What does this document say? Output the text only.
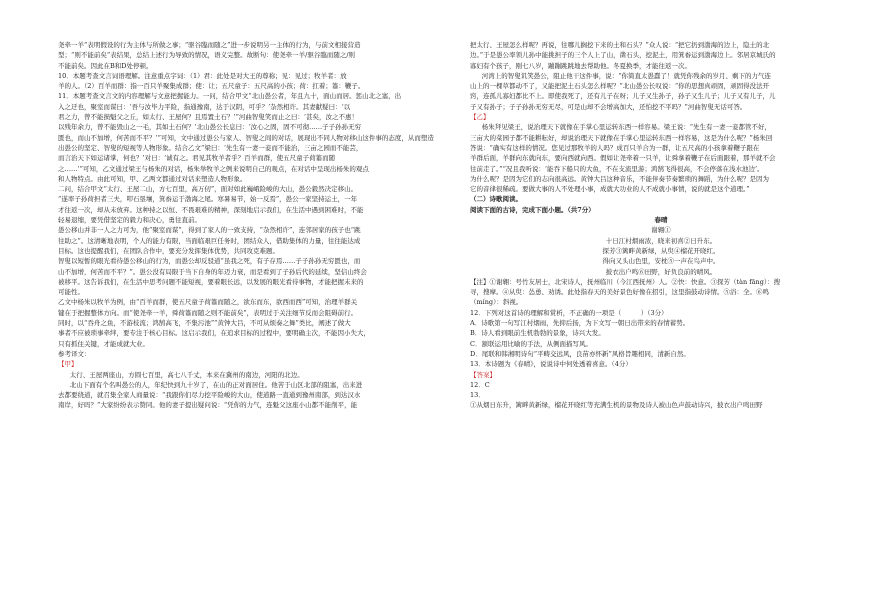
尧牵一羊”表明假设的行为主体与所做之事；“驱谷臨而随之”进一步说明另一主体的行为，与前文相接营造
型；“则不能前矣”表结果，总结上述行为导致的情况，语义完整。故断句：使尧牵一羊/驱谷臨而随之/则
不能前矣。因此在B和D处停顿。
10．本题考查文言词语理解。注意重点字词：（1）君：此处是对大王的尊称；见：见过；牧羊者：放
羊的人。（2）百羊而群：指一百只羊聚集成群；使：让；五尺童子：五尺高的小孩；荷：扛着；箠：鞭子。
11．本题考查文言文的内容理解与文意把握能力。一问，结合甲文“北山愚公者，年且九十，面山而居。惩山北之塞，出
入之迂也，聚室而谋曰：‘吾与汝毕力平险，指通豫南，达于汉阴，可乎？’杂然相许。其妻献疑曰：‘以
君之力，曾不能损魁父之丘，如太行、王屋何？且焉置土石？’”河曲智叟笑而止之曰：‘甚矣，汝之不惠！
以残年余力，曾不能毁山之一毛，其如土石何？’北山愚公长息曰：‘汝心之固，固不可彻……子子孙孙无穷
匮也，而山不加增，何苦而不平？’”可知，文中通过愚公与家人、智叟之间的对话，展现出不同人物对移山这件事的态度，从而塑造
出愚公的坚定、智叟的短视等人物形象。结合乙文“梁曰：‘先生有一妻一妾而不能治，三亩之园而不能芸，
而言治天下如运诸掌，何也？’对曰：‘诚有之。君见其牧羊者乎？百羊而群，使五尺童子荷箠而随
之……’”可知，乙文通过梁王与杨朱的对话，杨朱举牧羊之例来说明自己的观点，在对话中呈现出杨朱的观点
和人物特点。由此可知，甲、乙两文都通过对话来塑造人物形象。
二问，结合甲文“太行、王屋二山，方七百里，高万仞”，面对如此巍峨险峻的大山，愚公毅然决定移山。
“遂率子孙荷担者三夫，叩石垦壤，箕畚运于渤海之尾。寒暑易节，始一反焉”，愚公一家坚持运土，一年
才往返一次，却从未放弃。这种持之以恒、不畏艰难的精神，深刻地启示我们，在生活中遇到困难时，不能
轻易退缩，要凭借坚定的毅力和决心，勇往直前。
愚公移山并非一人之力可为，他“聚室而谋”，得到了家人的一致支持，“杂然相许”，连邻居家的孩子也“跳
往助之”。这清晰地表明，个人的能力有限，当面临艰巨任务时，团结众人，借助集体的力量，往往能达成
目标。这也提醒我们，在团队合作中，要充分发挥集体优势，共同攻克难题。
智叟以短暂的眼光看待愚公移山的行为，而愚公却反驳道“虽我之死，有子存焉……子子孙孙无穷匮也，而
山不加增，何苦而不平？”。愚公没有局限于当下自身的年迈力衰，而是看到了子孙后代的延续，坚信山终会
被移平。这告诉我们，在生活中思考问题不能短视，要着眼长远，以发展的眼光看待事物，才能把握未来的
可能性。
乙文中杨朱以牧羊为例，由“百羊而群，使五尺童子荷箠而随之，欲东而东，欲西而西”可知，治理羊群关
键在于把握整体方向。而“使尧牵一羊，舜荷箠而随之则不能前矣”，表明过于关注细节反而会阻碍前行。
同时，以“吞舟之鱼，不游枝流；鸿鹄高飞，不集污池”“黄钟大吕，不可从烦奏之舞”类比，阐述了做大
事者不应被琐事牵绊，要专注于核心目标。这启示我们，在追求目标的过程中，要明确主次，不能因小失大，
只有抓住关键，才能成就大业。
参考译文：
【甲】
太行、王屋两座山，方圆七百里，高七八千丈，本来在冀州的南边，河阳的北边。
北山下面有个名叫愚公的人，年纪快到九十岁了，在山的正对面居住。他苦于山区北部的阻塞，出来进
去都要绕道，就召集全家人商量说：“我跟你们尽力挖平险峻的大山，使道路一直通到豫州南部，到达汉水
南岸，好吗？”大家纷纷表示赞同。他的妻子提出疑问说：“凭你的力气，连魁父这座小山都不能削平，能
把太行、王屋怎么样呢？再说，往哪儿搁挖下来的土和石头？”众人说：“把它扔到渤海的边上，隐土的北
边。”于是愚公率领儿孙中能挑担子的三个人上了山，凿石头，挖泥土，用箕畚运到渤海边上。邻居京城氏的
寡妇有个孩子，刚七八岁，蹦蹦跳跳地去帮助他。冬夏换季，才能往返一次。
河湾上的智叟讥笑愚公，阻止他干这件事，说：“你简直太愚蠢了！就凭你残余的岁月、剩下的力气连
山上的一棵草都动不了，又能把泥土石头怎么样呢？”北山愚公长叹说：“你的思想真顽固，顽固得没法开
窍，连孤儿寡妇都比不上。即使我死了，还有儿子在呀；儿子又生孙子，孙子又生儿子；儿子又有儿子，儿
子又有孙子；子子孙孙无穷无尽，可是山却不会增高加大，还怕挖不平吗？”河曲智叟无话可答。
【乙】
杨朱拜见梁王，说治理天下就像在手掌心里运转东西一样容易。梁王说：“先生有一妻一妾都管不好，
三亩大的菜园子都不能耕耘好，却说治理天下就像在手掌心里运转东西一样容易，这是为什么呢？”杨朱回
答说：“确实有这样的情况。您见过那牧羊的人吗？成百只羊合为一群，让五尺高的小孩拿着鞭子跟在
羊群后面，羊群向东就向东，要向西就向西。假如让尧牵着一只羊，让舜拿着鞭子在后面跟着，那羊就不会
往前走了。”“况且我听说：‘能吞下船只的大鱼，不在支流里游；鸿鹄飞得很高，不会停落在浅水池边’。
为什么呢？是因为它们的志向很高远。黄钟大吕这种音乐，不能伴奏节奏繁琐的舞蹈，为什么呢？是因为
它的音律很稀疏。要做大事的人不处理小事，成就大功业的人不成就小事情，说的就是这个道理。”
（二）诗歌阅读。
阅读下面的古诗，完成下面小题。（共7分）
春晴
谢翱①
十日江村烟雨浓，晓来初喜②日升东。
探芳③篱畔黄新绿，从臾④榴花开晓红。
得向又头山色里，安枕⑤一声在鸟声中。
披衣出户鸣⑥田野，好负良前的晴风。
【注】①谢翱：号竹友居士，北宋诗人，抚州临川（今江西抚州）人。②快：快意。③探芳（tàn fāng）：搜
寻，搜摩。④从臾：怂恿、劝诱。此处指春天的美好景色好像在招引，这里指鼓动诗情。⑤浴：全。⑥鸣
（míng）：斜视。
12．下列对这首诗的理解和赏析，不正确的一项是（　　　）（3分）
A．诗歌第一句写江村烟雨，先抑后扬，为下文写一朝日出带来的春情蓄势。
B．诗人看到眼前生机勃勃的景象，诗兴大发。
C．颔联运用比喻的手法，从侧面描写风。
D．尾联和韩湘明诗句“平畴交远风，良苗亦怀新”风格旨趣相同，清新自然。
13．本诗题为《春晴》，说说诗中何处透着喜意。（4分）
【答案】
12．C
13．
①从烟日东升，篱畔黄新绿，榴花开晓红等充满生机的景物及诗人被山色声鼓动诗兴，披衣出户鸣田野
